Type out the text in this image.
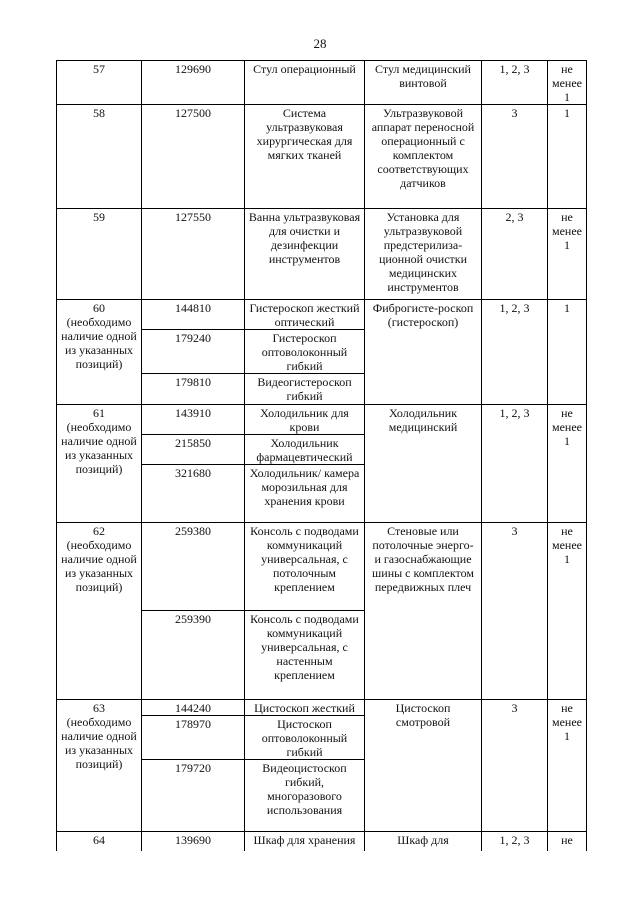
28
57	129690	Стул операционный	Стул медицинский винтовой	1, 2, 3	не менее 1
58	127500	Система ультразвуковая хирургическая для мягких тканей	Ультразвуковой аппарат переносной операционный с комплектом соответствующих датчиков	3	1
59	127550	Ванна ультразвуковая для очистки и дезинфекции инструментов	Установка для ультразвуковой предстерилиза-ционной очистки медицинских инструментов	2, 3	не менее 1
60 (необходимо наличие одной из указанных позиций)	144810	Гистероскоп жесткий оптический	Фиброгисте-роскоп (гистероскоп)	1, 2, 3	1
	179240	Гистероскоп оптоволоконный гибкий			
	179810	Видеогистероскоп гибкий			
61 (необходимо наличие одной из указанных позиций)	143910	Холодильник для крови	Холодильник медицинский	1, 2, 3	не менее 1
	215850	Холодильник фармацевтический			
	321680	Холодильник/ камера морозильная для хранения крови			
62 (необходимо наличие одной из указанных позиций)	259380	Консоль с подводами коммуникаций универсальная, с потолочным креплением	Стеновые или потолочные энерго- и газоснабжающие шины с комплектом передвижных плеч	3	не менее 1
	259390	Консоль с подводами коммуникаций универсальная, с настенным креплением			
63 (необходимо наличие одной из указанных позиций)	144240	Цистоскоп жесткий	Цистоскоп смотровой	3	не менее 1
	178970	Цистоскоп оптоволоконный гибкий			
	179720	Видеоцистоскоп гибкий, многоразового использования			
64	139690	Шкаф для хранения	Шкаф для	1, 2, 3	не
